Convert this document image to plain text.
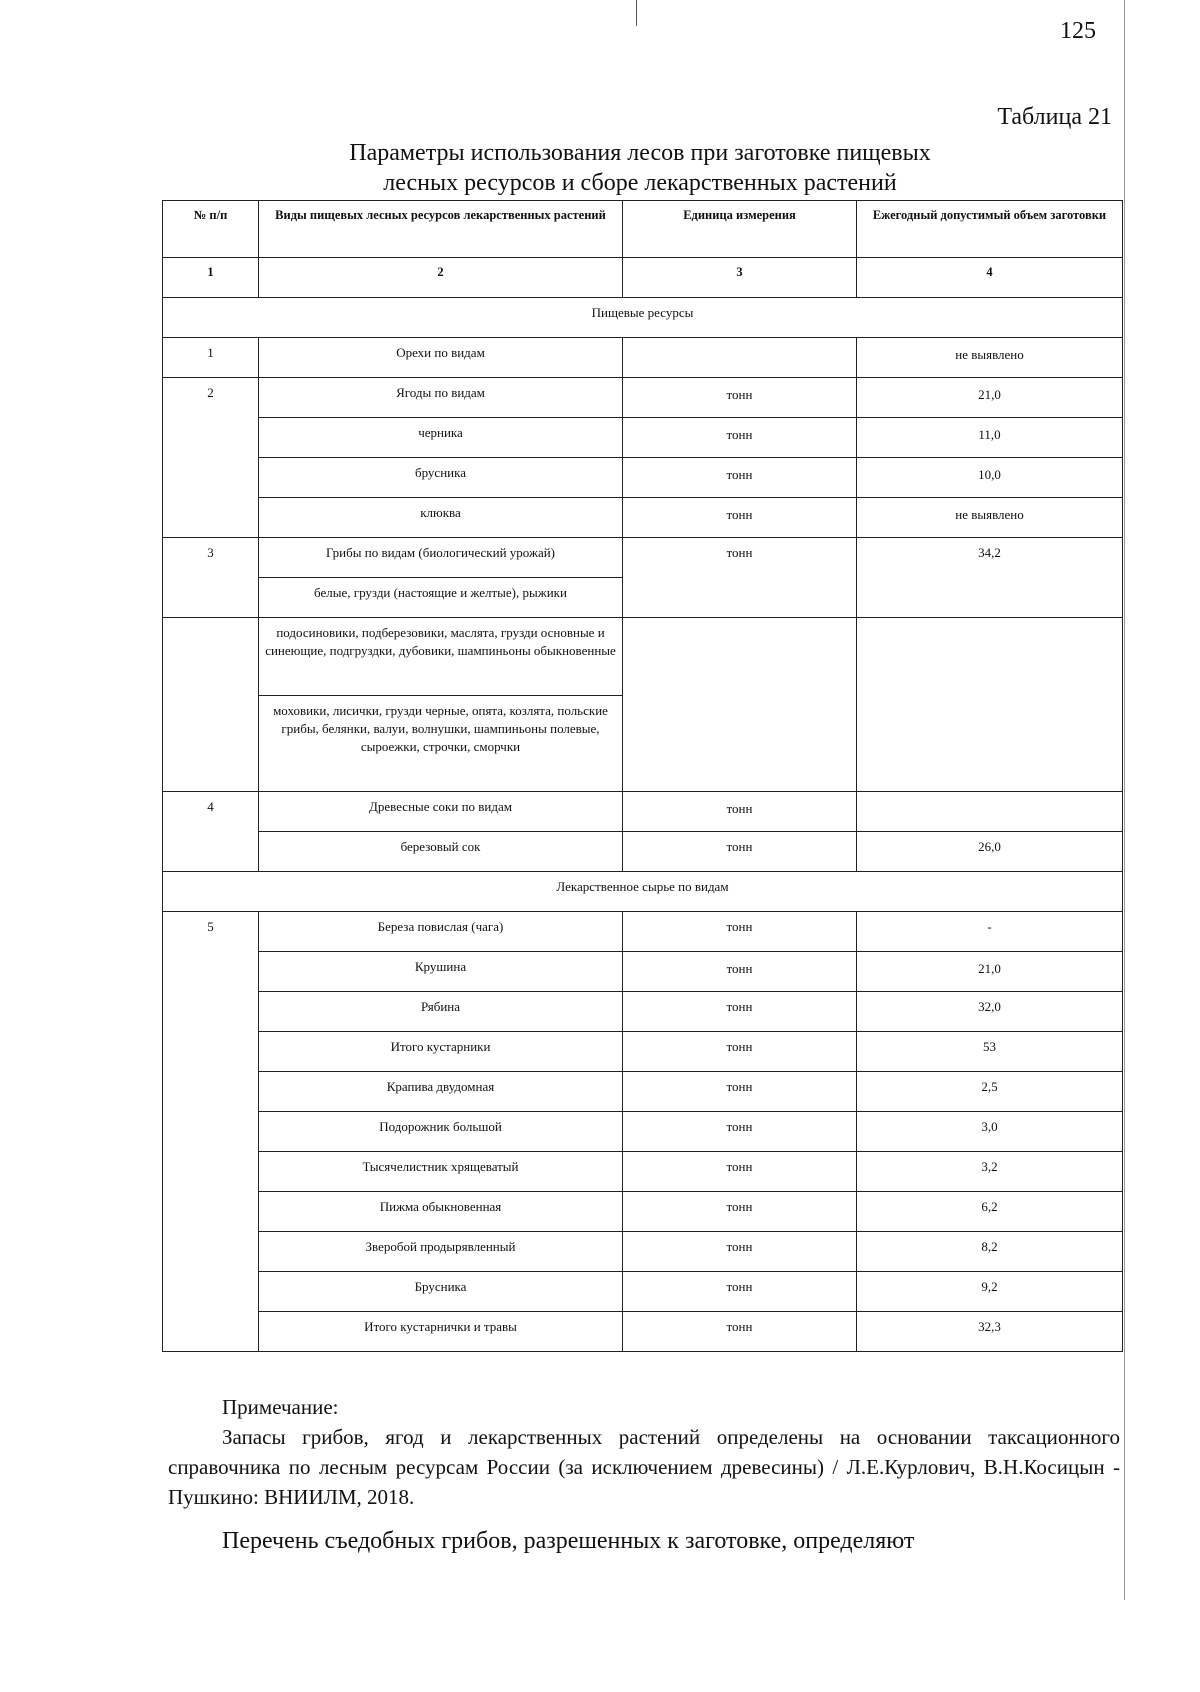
125
Таблица 21
Параметры использования лесов при заготовке пищевых
лесных ресурсов и сборе лекарственных растений
№ п/п	Виды пищевых лесных ресурсов лекарственных растений	Единица измерения	Ежегодный допустимый объем заготовки
1	2	3	4
Пищевые ресурсы			
1	Орехи по видам		не выявлено
2	Ягоды по видам	тонн	21,0
	черника	тонн	11,0
	брусника	тонн	10,0
	клюква	тонн	не выявлено
3	Грибы по видам (биологический урожай)	тонн	34,2
	белые, грузди (настоящие и желтые), рыжики		
	подосиновики, подберезовики, маслята, грузди основные и синеющие, подгруздки, дубовики, шампиньоны обыкновенные		
	моховики, лисички, грузди черные, опята, козлята, польские грибы, белянки, валуи, волнушки, шампиньоны полевые, сыроежки, строчки, сморчки		
4	Древесные соки по видам	тонн	
	березовый сок	тонн	26,0
Лекарственное сырье по видам			
5	Береза повислая (чага)	тонн	-
	Крушина	тонн	21,0
	Рябина	тонн	32,0
	Итого кустарники	тонн	53
	Крапива двудомная	тонн	2,5
	Подорожник большой	тонн	3,0
	Тысячелистник хрящеватый	тонн	3,2
	Пижма обыкновенная	тонн	6,2
	Зверобой продырявленный	тонн	8,2
	Брусника	тонн	9,2
	Итого кустарнички и травы	тонн	32,3
Примечание:
Запасы грибов, ягод и лекарственных растений определены на основании таксационного справочника по лесным ресурсам России (за исключением древесины) / Л.Е.Курлович, В.Н.Косицын - Пушкино: ВНИИЛМ, 2018.
Перечень съедобных грибов, разрешенных к заготовке, определяют
